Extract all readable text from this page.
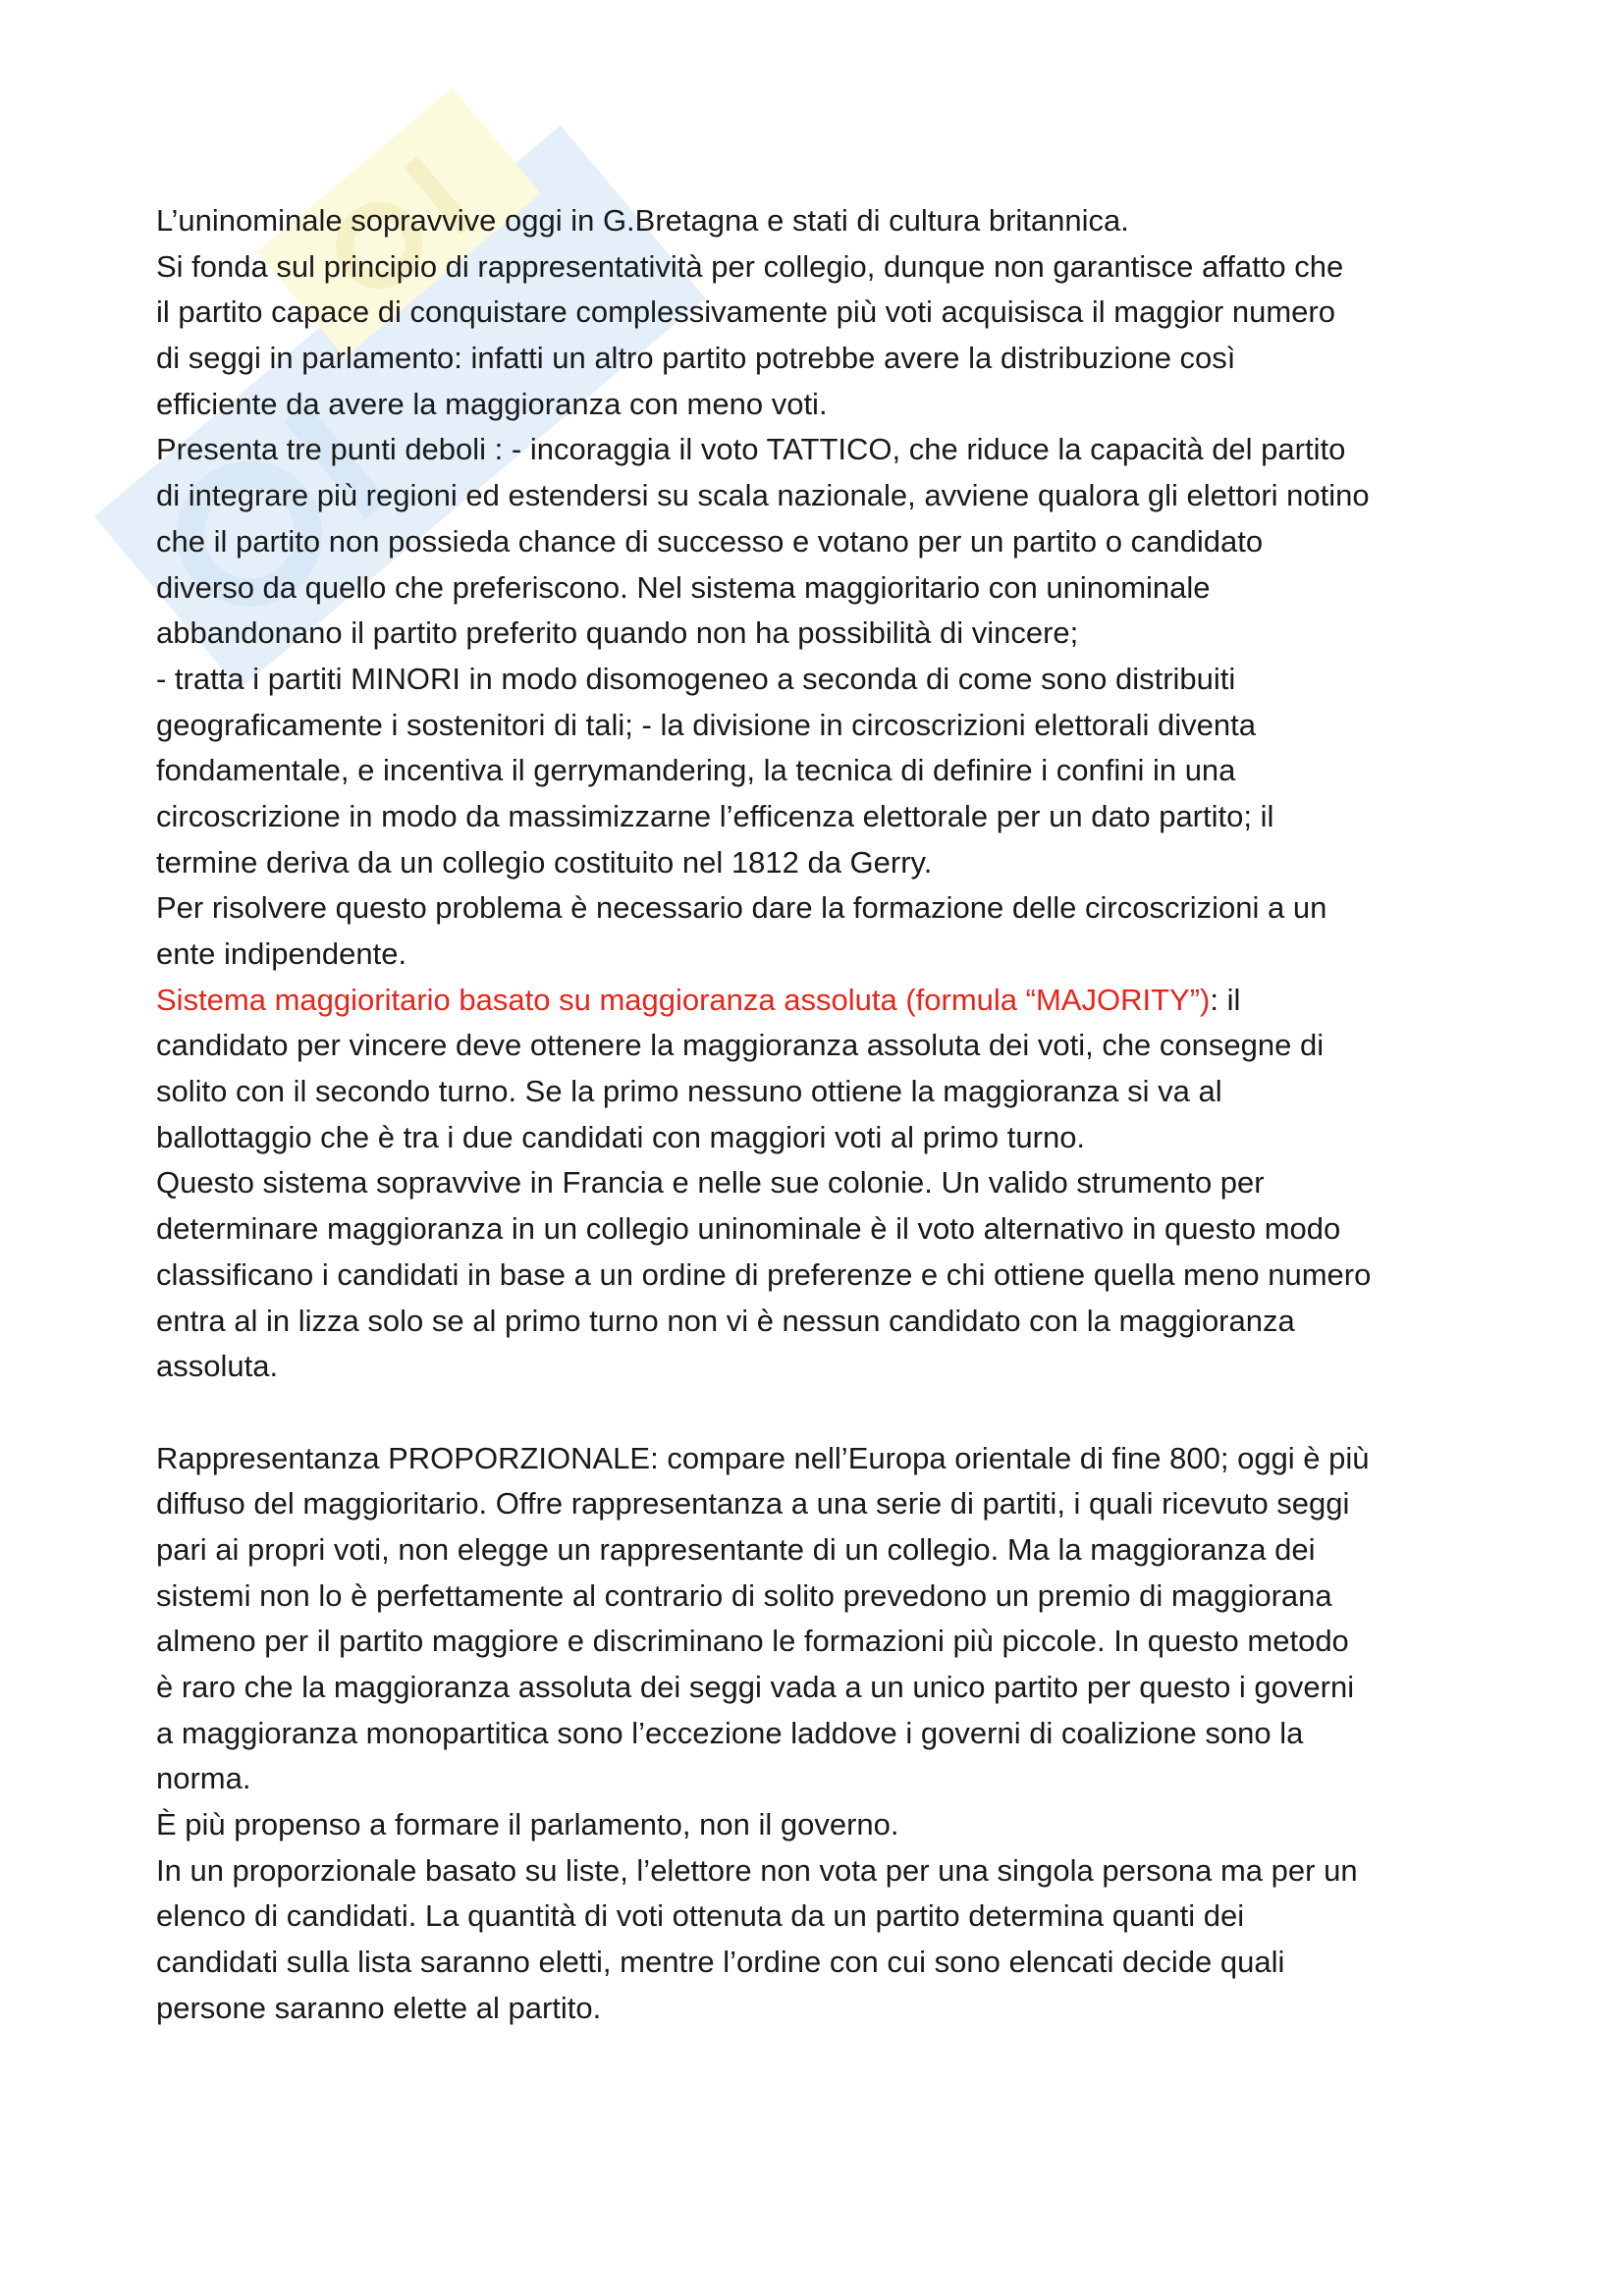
L’uninominale sopravvive oggi in G.Bretagna e stati di cultura britannica.
Si fonda sul principio di rappresentatività per collegio, dunque non garantisce affatto che
il partito capace di conquistare complessivamente più voti acquisisca il maggior numero
di seggi in parlamento: infatti un altro partito potrebbe avere la distribuzione così
efficiente da avere la maggioranza con meno voti.
Presenta tre punti deboli : - incoraggia il voto TATTICO, che riduce la capacità del partito
di integrare più regioni ed estendersi su scala nazionale, avviene qualora gli elettori notino
che il partito non possieda chance di successo e votano per un partito o candidato
diverso da quello che preferiscono. Nel sistema maggioritario con uninominale
abbandonano il partito preferito quando non ha possibilità di vincere;
- tratta i partiti MINORI in modo disomogeneo a seconda di come sono distribuiti
geograficamente i sostenitori di tali; - la divisione in circoscrizioni elettorali diventa
fondamentale, e incentiva il gerrymandering, la tecnica di definire i confini in una
circoscrizione in modo da massimizzarne l’efficenza elettorale per un dato partito; il
termine deriva da un collegio costituito nel 1812 da Gerry.
Per risolvere questo problema è necessario dare la formazione delle circoscrizioni a un
ente indipendente.
Sistema maggioritario basato su maggioranza assoluta (formula “MAJORITY”): il
candidato per vincere deve ottenere la maggioranza assoluta dei voti, che consegne di
solito con il secondo turno. Se la primo nessuno ottiene la maggioranza si va al
ballottaggio che è tra i due candidati con maggiori voti al primo turno.
Questo sistema sopravvive in Francia e nelle sue colonie. Un valido strumento per
determinare maggioranza in un collegio uninominale è il voto alternativo in questo modo
classificano i candidati in base a un ordine di preferenze e chi ottiene quella meno numero
entra al in lizza solo se al primo turno non vi è nessun candidato con la maggioranza
assoluta.
Rappresentanza PROPORZIONALE: compare nell’Europa orientale di fine 800; oggi è più
diffuso del maggioritario. Offre rappresentanza a una serie di partiti, i quali ricevuto seggi
pari ai propri voti, non elegge un rappresentante di un collegio. Ma la maggioranza dei
sistemi non lo è perfettamente al contrario di solito prevedono un premio di maggiorana
almeno per il partito maggiore e discriminano le formazioni più piccole. In questo metodo
è raro che la maggioranza assoluta dei seggi vada a un unico partito per questo i governi
a maggioranza monopartitica sono l’eccezione laddove i governi di coalizione sono la
norma.
È più propenso a formare il parlamento, non il governo.
In un proporzionale basato su liste, l’elettore non vota per una singola persona ma per un
elenco di candidati. La quantità di voti ottenuta da un partito determina quanti dei
candidati sulla lista saranno eletti, mentre l’ordine con cui sono elencati decide quali
persone saranno elette al partito.
